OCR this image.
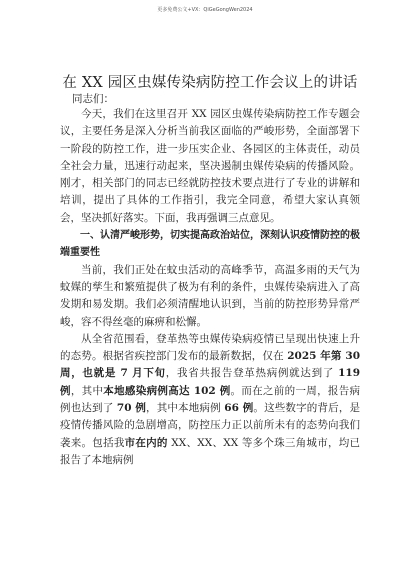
更多免费公文+VX：QiGeGongWen2024
在 XX 园区虫媒传染病防控工作会议上的讲话

同志们：

今天，我们在这里召开 XX 园区虫媒传染病防控工作专题会议，主要任务是深入分析当前我区面临的严峻形势，全面部署下一阶段的防控工作，进一步压实企业、各园区的主体责任，动员全社会力量，迅速行动起来，坚决遏制虫媒传染病的传播风险。刚才，相关部门的同志已经就防控技术要点进行了专业的讲解和培训，提出了具体的工作指引，我完全同意，希望大家认真领会，坚决抓好落实。下面，我再强调三点意见。

一、认清严峻形势，切实提高政治站位，深刻认识疫情防控的极端重要性

当前，我们正处在蚊虫活动的高峰季节，高温多雨的天气为蚊媒的孳生和繁殖提供了极为有利的条件，虫媒传染病进入了高发期和易发期。我们必须清醒地认识到，当前的防控形势异常严峻，容不得丝毫的麻痹和松懈。

从全省范围看，登革热等虫媒传染病疫情已呈现出快速上升的态势。根据省疾控部门发布的最新数据，仅在 2025 年第 30 周，也就是 7 月下旬，我省共报告登革热病例就达到了 119 例，其中本地感染病例高达 102 例。而在之前的一周，报告病例也达到了 70 例，其中本地病例 66 例。这些数字的背后，是疫情传播风险的急剧增高，防控压力正以前所未有的态势向我们袭来。包括我市在内的 XX、XX、XX 等多个珠三角城市，均已报告了本地病例
